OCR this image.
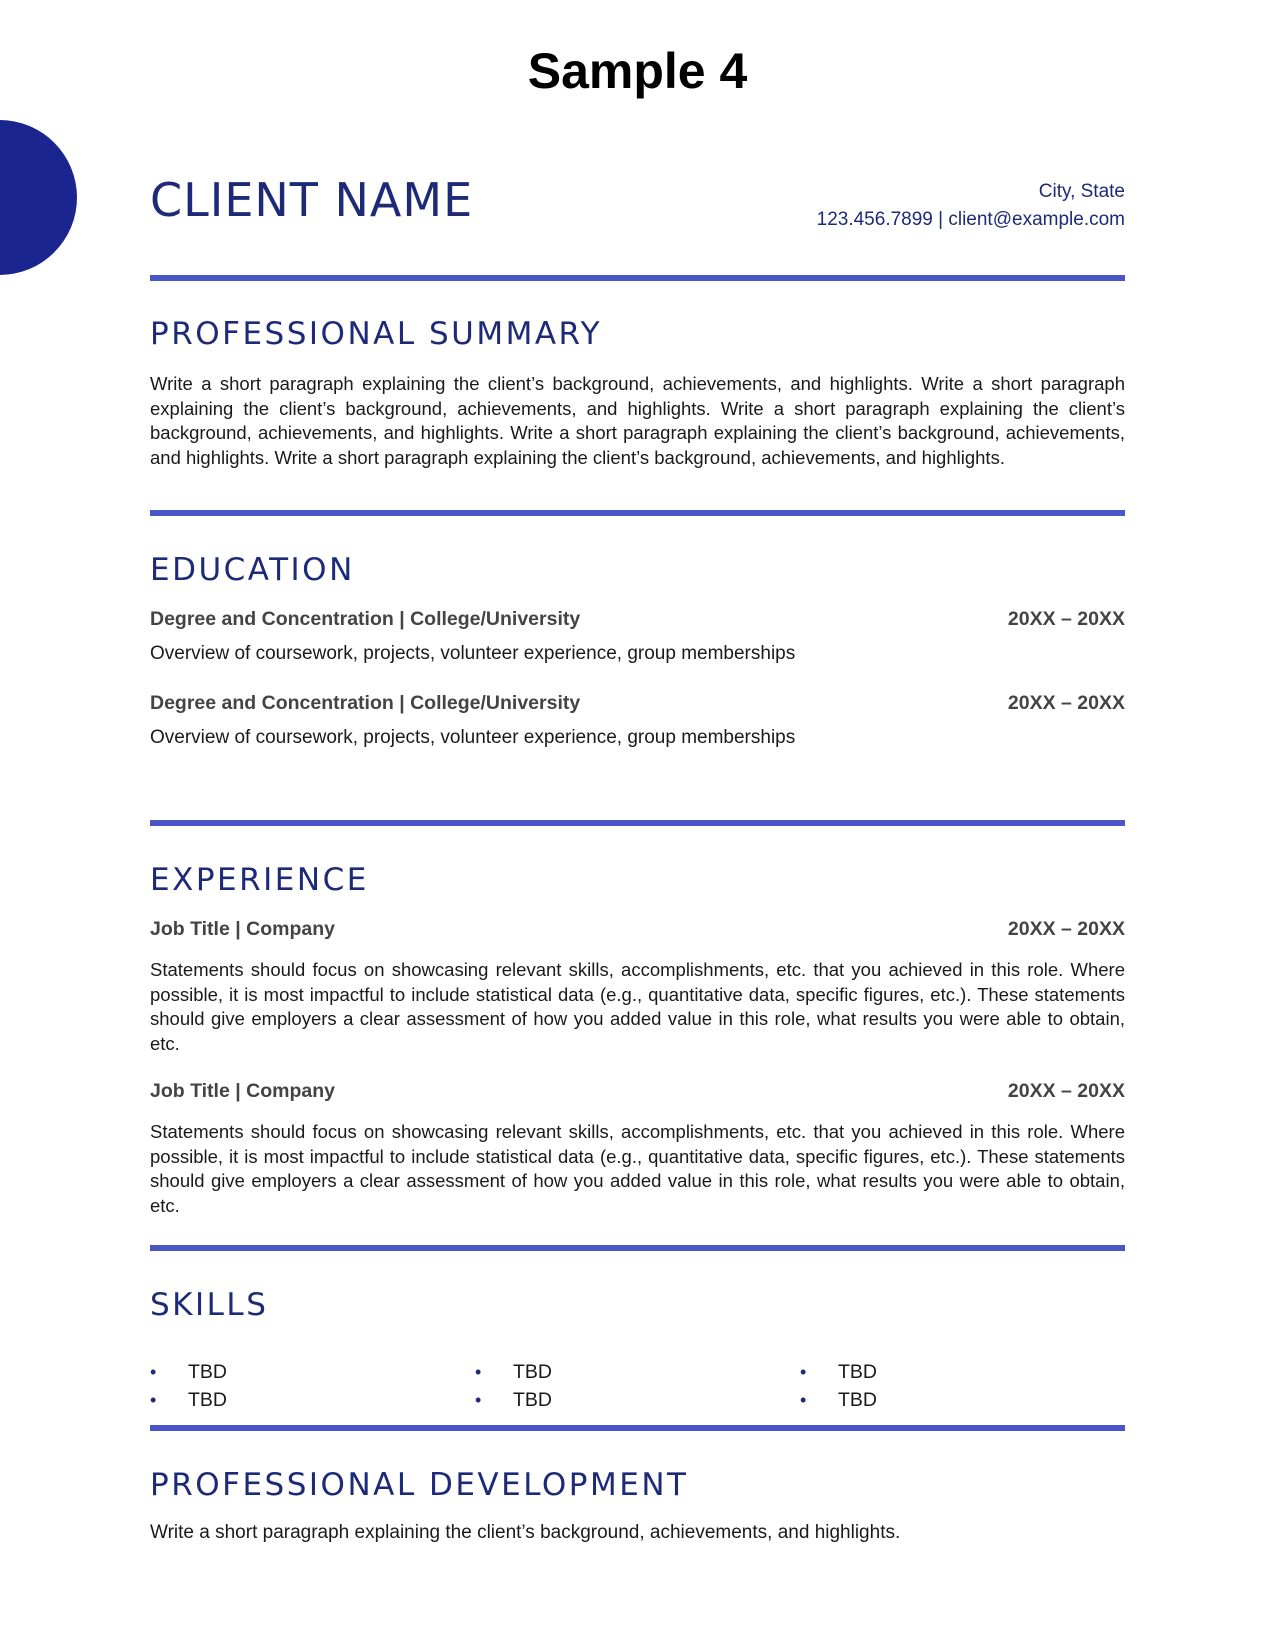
Sample 4
CLIENT NAME	City, State
123.456.7899 | client@example.com
PROFESSIONAL SUMMARY
Write a short paragraph explaining the client’s background, achievements, and highlights. Write a short paragraph explaining the client’s background, achievements, and highlights. Write a short paragraph explaining the client’s background, achievements, and highlights. Write a short paragraph explaining the client’s background, achievements, and highlights. Write a short paragraph explaining the client’s background, achievements, and highlights.
EDUCATION
Degree and Concentration | College/University	20XX – 20XX
Overview of coursework, projects, volunteer experience, group memberships
Degree and Concentration | College/University	20XX – 20XX
Overview of coursework, projects, volunteer experience, group memberships
EXPERIENCE
Job Title | Company	20XX – 20XX
Statements should focus on showcasing relevant skills, accomplishments, etc. that you achieved in this role. Where possible, it is most impactful to include statistical data (e.g., quantitative data, specific figures, etc.). These statements should give employers a clear assessment of how you added value in this role, what results you were able to obtain, etc.
Job Title | Company	20XX – 20XX
Statements should focus on showcasing relevant skills, accomplishments, etc. that you achieved in this role. Where possible, it is most impactful to include statistical data (e.g., quantitative data, specific figures, etc.). These statements should give employers a clear assessment of how you added value in this role, what results you were able to obtain, etc.
SKILLS
•	TBD
•	TBD
•	TBD
•	TBD
•	TBD
•	TBD
PROFESSIONAL DEVELOPMENT
Write a short paragraph explaining the client’s background, achievements, and highlights.
